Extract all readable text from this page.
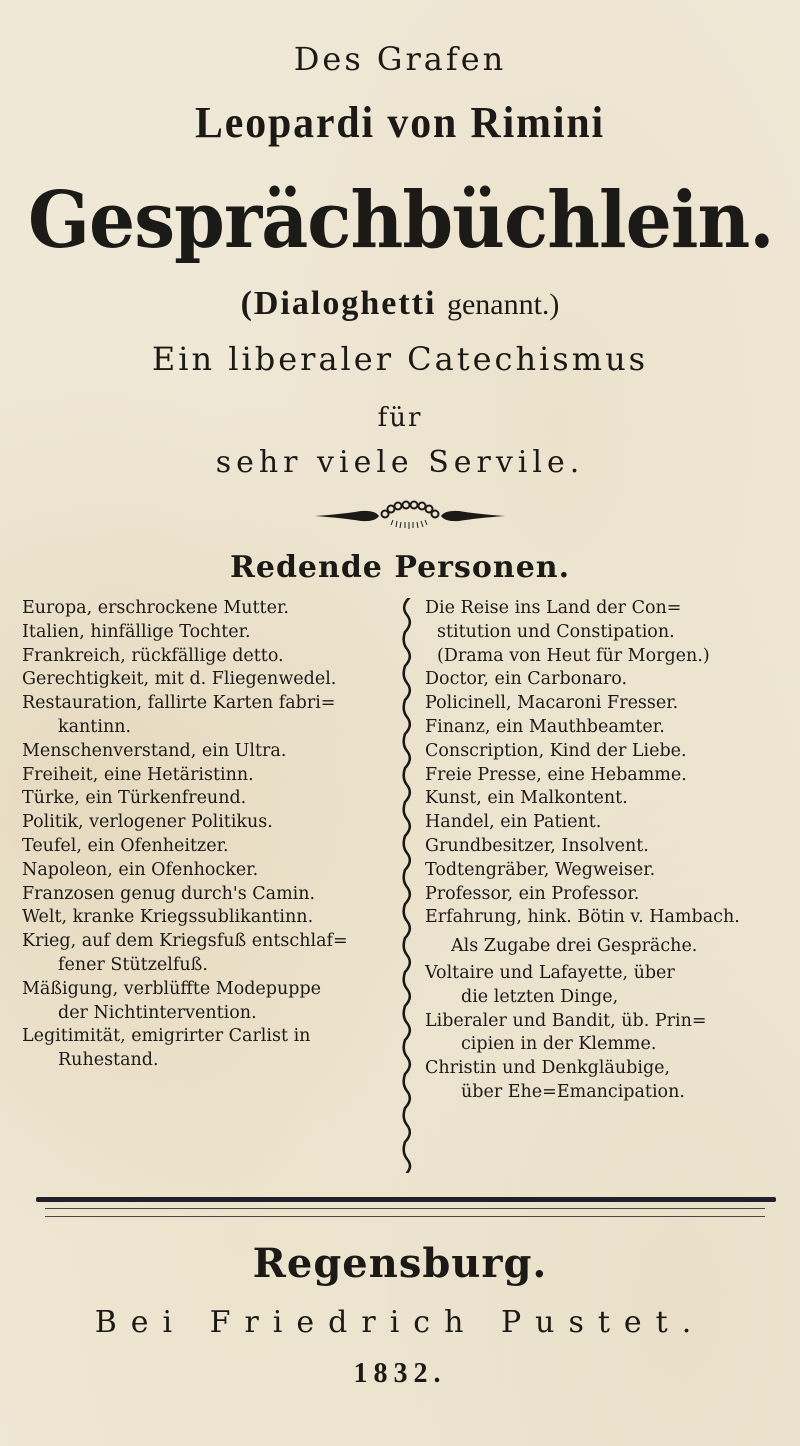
Des Grafen
Leopardi von Rimini
Gesprächbüchlein.
(Dialoghetti genannt.)
Ein liberaler Catechismus
für
sehr viele Servile.
Redende Personen.
Europa, erschrockene Mutter.
Italien, hinfällige Tochter.
Frankreich, rückfällige detto.
Gerechtigkeit, mit d. Fliegenwedel.
Restauration, fallirte Karten fabri=
kantinn.
Menschenverstand, ein Ultra.
Freiheit, eine Hetäristinn.
Türke, ein Türkenfreund.
Politik, verlogener Politikus.
Teufel, ein Ofenheitzer.
Napoleon, ein Ofenhocker.
Franzosen genug durch's Camin.
Welt, kranke Kriegssublikantinn.
Krieg, auf dem Kriegsfuß entschlaf=
fener Stützelfuß.
Mäßigung, verblüffte Modepuppe
der Nichtintervention.
Legitimität, emigrirter Carlist in
Ruhestand.
Die Reise ins Land der Con=
stitution und Constipation.
(Drama von Heut für Morgen.)
Doctor, ein Carbonaro.
Policinell, Macaroni Fresser.
Finanz, ein Mauthbeamter.
Conscription, Kind der Liebe.
Freie Presse, eine Hebamme.
Kunst, ein Malkontent.
Handel, ein Patient.
Grundbesitzer, Insolvent.
Todtengräber, Wegweiser.
Professor, ein Professor.
Erfahrung, hink. Bötin v. Hambach.
Als Zugabe drei Gespräche.
Voltaire und Lafayette, über
die letzten Dinge,
Liberaler und Bandit, üb. Prin=
cipien in der Klemme.
Christin und Denkgläubige,
über Ehe=Emancipation.
Regensburg.
Bei Friedrich Pustet.
1832.
